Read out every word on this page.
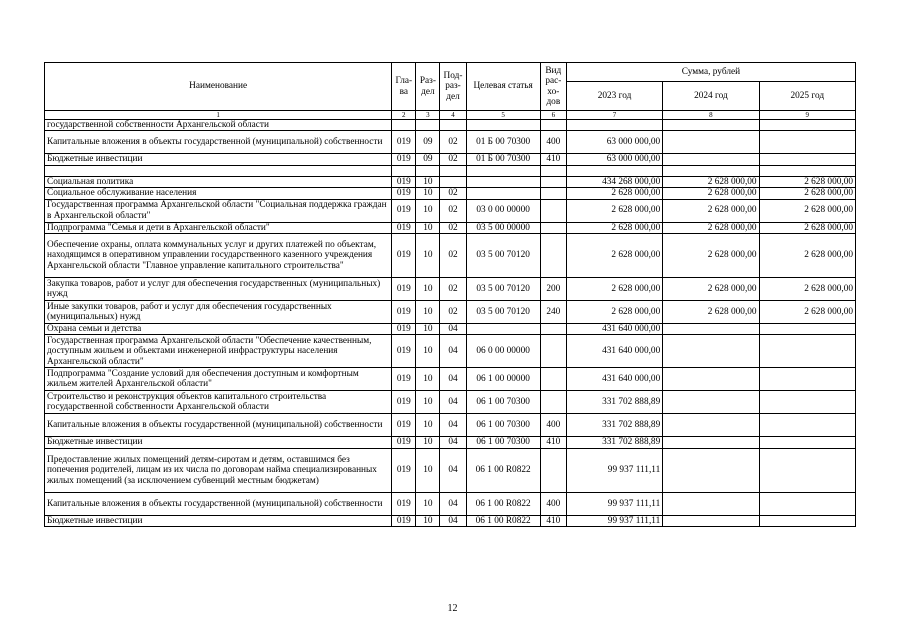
Наименование	Гла-ва	Раз-дел	Под-раз-дел	Целевая статья	Вид рас-хо-дов	Сумма, рублей		
						2023 год	2024 год	2025 год
1	2	3	4	5	6	7	8	9
государственной собственности Архангельской области								
Капитальные вложения в объекты государственной (муниципальной) собственности	019	09	02	01 Б 00 70300	400	63 000 000,00		
Бюджетные инвестиции	019	09	02	01 Б 00 70300	410	63 000 000,00		

Социальная политика	019	10				434 268 000,00	2 628 000,00	2 628 000,00
Социальное обслуживание населения	019	10	02			2 628 000,00	2 628 000,00	2 628 000,00
Государственная программа Архангельской области "Социальная поддержка граждан в Архангельской области"	019	10	02	03 0 00 00000		2 628 000,00	2 628 000,00	2 628 000,00
Подпрограмма "Семья и дети в Архангельской области"	019	10	02	03 5 00 00000		2 628 000,00	2 628 000,00	2 628 000,00
Обеспечение охраны, оплата коммунальных услуг и других платежей по объектам, находящимся в оперативном управлении государственного казенного учреждения Архангельской области "Главное управление капитального строительства"	019	10	02	03 5 00 70120		2 628 000,00	2 628 000,00	2 628 000,00
Закупка товаров, работ и услуг для обеспечения государственных (муниципальных) нужд	019	10	02	03 5 00 70120	200	2 628 000,00	2 628 000,00	2 628 000,00
Иные закупки товаров, работ и услуг для обеспечения государственных (муниципальных) нужд	019	10	02	03 5 00 70120	240	2 628 000,00	2 628 000,00	2 628 000,00
Охрана семьи и детства	019	10	04			431 640 000,00		
Государственная программа Архангельской области "Обеспечение качественным, доступным жильем и объектами инженерной инфраструктуры населения Архангельской области"	019	10	04	06 0 00 00000		431 640 000,00		
Подпрограмма "Создание условий для обеспечения доступным и комфортным жильем жителей Архангельской области"	019	10	04	06 1 00 00000		431 640 000,00		
Строительство и реконструкция объектов капитального строительства государственной собственности Архангельской области	019	10	04	06 1 00 70300		331 702 888,89		
Капитальные вложения в объекты государственной (муниципальной) собственности	019	10	04	06 1 00 70300	400	331 702 888,89		
Бюджетные инвестиции	019	10	04	06 1 00 70300	410	331 702 888,89		
Предоставление жилых помещений детям-сиротам и детям, оставшимся без попечения родителей, лицам из их числа по договорам найма специализированных жилых помещений (за исключением субвенций местным бюджетам)	019	10	04	06 1 00 R0822		99 937 111,11		
Капитальные вложения в объекты государственной (муниципальной) собственности	019	10	04	06 1 00 R0822	400	99 937 111,11		
Бюджетные инвестиции	019	10	04	06 1 00 R0822	410	99 937 111,11		
12
